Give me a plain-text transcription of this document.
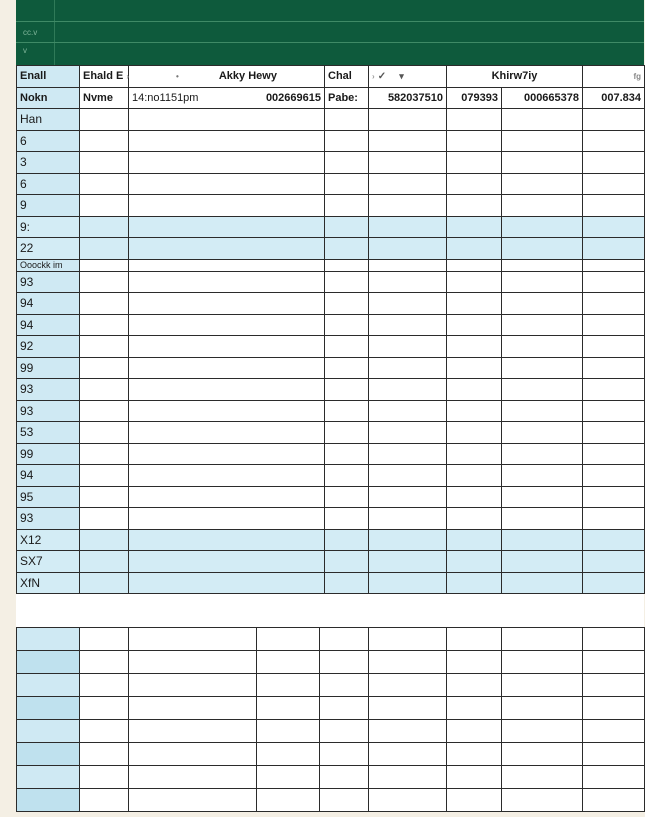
cc.v
v
Enall	Ehald E ›	• Akky Hewy	Chal	› ✓ ▾	Khirw7iy		fg
Nokn	Nvme	14:no1151pm 002669615	Pabe:	582037510	079393	000665378	007.834
Han							
6							
3							
6							
9							
9:							
22							
Ooockk im							
93							
94							
94							
92							
99							
93							
93							
53							
99							
94							
95							
93							
X12							
SX7							
XfN							
